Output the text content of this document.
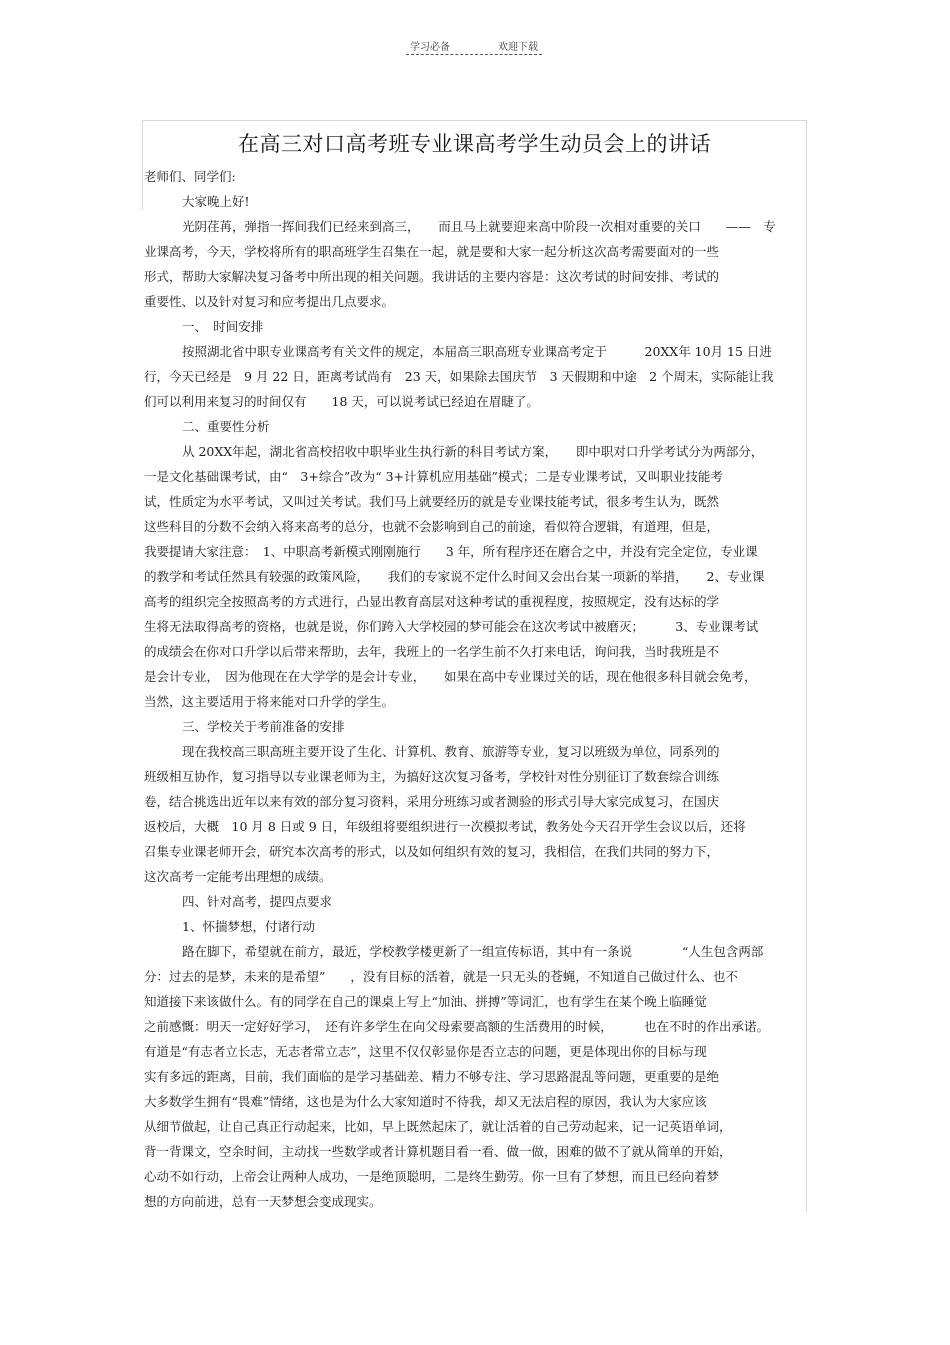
学习必备	欢迎下载
在高三对口高考班专业课高考学生动员会上的讲话
老师们、同学们:
大家晚上好!
光阴荏苒，弹指一挥间我们已经来到高三，　　而且马上就要迎来高中阶段一次相对重要的关口　　——　专
业课高考，今天，学校将所有的职高班学生召集在一起，就是要和大家一起分析这次高考需要面对的一些
形式，帮助大家解决复习备考中所出现的相关问题。我讲话的主要内容是：这次考试的时间安排、考试的
重要性、以及针对复习和应考提出几点要求。
一、　时间安排
按照湖北省中职专业课高考有关文件的规定，本届高三职高班专业课高考定于　　　20XX年 10月 15 日进
行，今天已经是　9 月 22 日，距离考试尚有　23 天，如果除去国庆节　3 天假期和中途　2 个周末，实际能让我
们可以利用来复习的时间仅有　　18 天，可以说考试已经迫在眉睫了。
二、重要性分析
从 20XX年起，湖北省高校招收中职毕业生执行新的科目考试方案，　　即中职对口升学考试分为两部分，
一是文化基础课考试，由“　3+综合”改为“ 3+计算机应用基础”模式；二是专业课考试，又叫职业技能考
试，性质定为水平考试，又叫过关考试。我们马上就要经历的就是专业课技能考试，很多考生认为，既然
这些科目的分数不会纳入将来高考的总分，也就不会影响到自己的前途，看似符合逻辑，有道理，但是，
我要提请大家注意：　1、中职高考新模式刚刚施行　　3 年，所有程序还在磨合之中，并没有完全定位，专业课
的教学和考试任然具有较强的政策风险，　　我们的专家说不定什么时间又会出台某一项新的举措，　　2、专业课
高考的组织完全按照高考的方式进行，凸显出教育高层对这种考试的重视程度，按照规定，没有达标的学
生将无法取得高考的资格，也就是说，你们跨入大学校园的梦可能会在这次考试中被磨灭；　　　3、专业课考试
的成绩会在你对口升学以后带来帮助，去年，我班上的一名学生前不久打来电话，询问我，当时我班是不
是会计专业，　因为他现在在大学学的是会计专业，　　如果在高中专业课过关的话，现在他很多科目就会免考，
当然，这主要适用于将来能对口升学的学生。
三、学校关于考前准备的安排
现在我校高三职高班主要开设了生化、计算机、教育、旅游等专业，复习以班级为单位，同系列的
班级相互协作，复习指导以专业课老师为主，为搞好这次复习备考，学校针对性分别征订了数套综合训练
卷，结合挑选出近年以来有效的部分复习资料，采用分班练习或者测验的形式引导大家完成复习，在国庆
返校后，大概　10 月 8 日或 9 日，年级组将要组织进行一次模拟考试，教务处今天召开学生会议以后，还将
召集专业课老师开会，研究本次高考的形式，以及如何组织有效的复习，我相信，在我们共同的努力下，
这次高考一定能考出理想的成绩。
四、针对高考，提四点要求
1、怀揣梦想，付诸行动
路在脚下，希望就在前方，最近，学校教学楼更新了一组宣传标语，其中有一条说　　　　“人生包含两部
分：过去的是梦，未来的是希望”　　，没有目标的活着，就是一只无头的苍蝇，不知道自己做过什么、也不
知道接下来该做什么。有的同学在自己的课桌上写上“加油、拼搏”等词汇，也有学生在某个晚上临睡觉
之前感慨：明天一定好好学习，　还有许多学生在向父母索要高额的生活费用的时候，　　　也在不时的作出承诺。
有道是“有志者立长志，无志者常立志”，这里不仅仅彰显你是否立志的问题，更是体现出你的目标与现
实有多远的距离，目前，我们面临的是学习基础差、精力不够专注、学习思路混乱等问题，更重要的是绝
大多数学生拥有“畏难”情绪，这也是为什么大家知道时不待我，却又无法启程的原因，我认为大家应该
从细节做起，让自己真正行动起来，比如，早上既然起床了，就让活着的自己劳动起来，记一记英语单词，
背一背课文，空余时间，主动找一些数学或者计算机题目看一看、做一做，困难的做不了就从简单的开始，
心动不如行动，上帝会让两种人成功，一是绝顶聪明，二是终生勤劳。你一旦有了梦想，而且已经向着梦
想的方向前进，总有一天梦想会变成现实。
